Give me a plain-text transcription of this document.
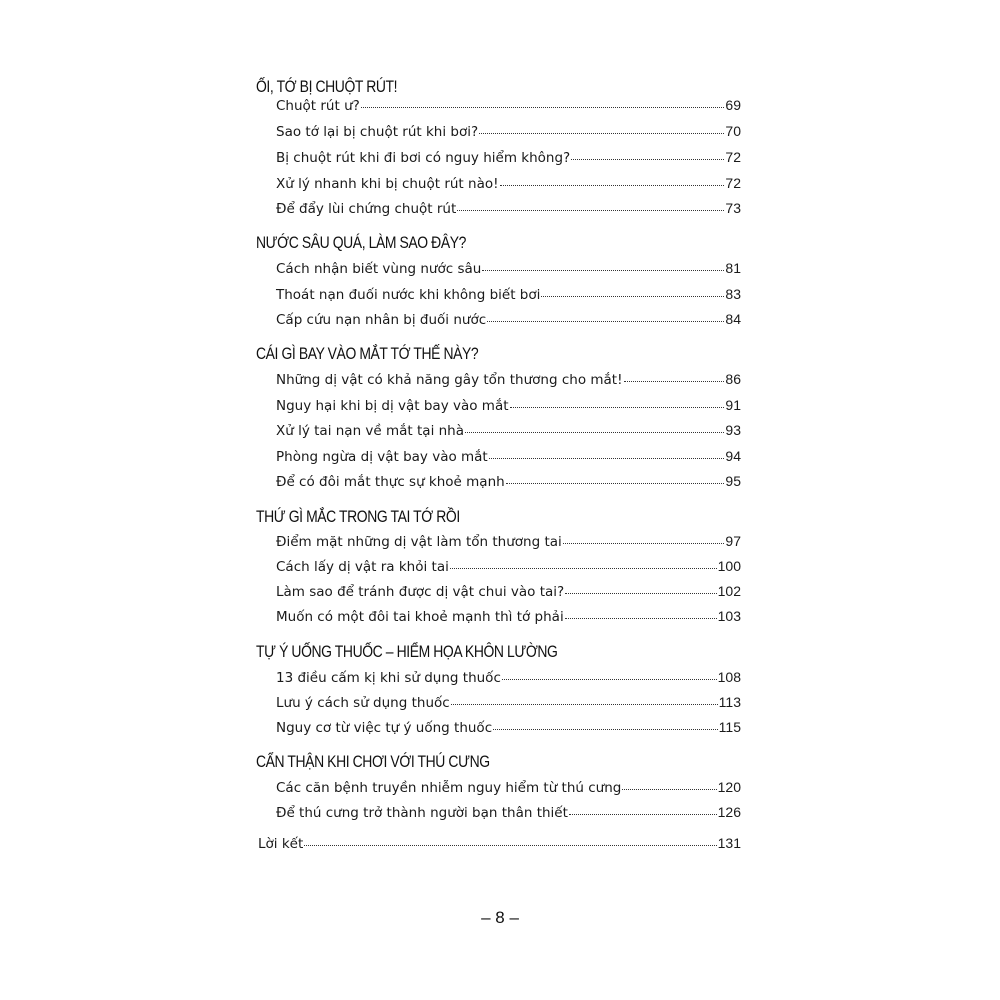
ỐI, TỚ BỊ CHUỘT RÚT!
Chuột rút ư?	69
Sao tớ lại bị chuột rút khi bơi?	70
Bị chuột rút khi đi bơi có nguy hiểm không?	72
Xử lý nhanh khi bị chuột rút nào!	72
Để đẩy lùi chứng chuột rút	73
NƯỚC SÂU QUÁ, LÀM SAO ĐÂY?
Cách nhận biết vùng nước sâu	81
Thoát nạn đuối nước khi không biết bơi	83
Cấp cứu nạn nhân bị đuối nước	84
CÁI GÌ BAY VÀO MẮT TỚ THẾ NÀY?
Những dị vật có khả năng gây tổn thương cho mắt!	86
Nguy hại khi bị dị vật bay vào mắt	91
Xử lý tai nạn về mắt tại nhà	93
Phòng ngừa dị vật bay vào mắt	94
Để có đôi mắt thực sự khoẻ mạnh	95
THỨ GÌ MẮC TRONG TAI TỚ RỒI
Điểm mặt những dị vật làm tổn thương tai	97
Cách lấy dị vật ra khỏi tai	100
Làm sao để tránh được dị vật chui vào tai?	102
Muốn có một đôi tai khoẻ mạnh thì tớ phải	103
TỰ Ý UỐNG THUỐC – HIỂM HỌA KHÔN LƯỜNG
13 điều cấm kị khi sử dụng thuốc	108
Lưu ý cách sử dụng thuốc	113
Nguy cơ từ việc tự ý uống thuốc	115
CẨN THẬN KHI CHƠI VỚI THÚ CƯNG
Các căn bệnh truyền nhiễm nguy hiểm từ thú cưng	120
Để thú cưng trở thành người bạn thân thiết	126
Lời kết	131
– 8 –
